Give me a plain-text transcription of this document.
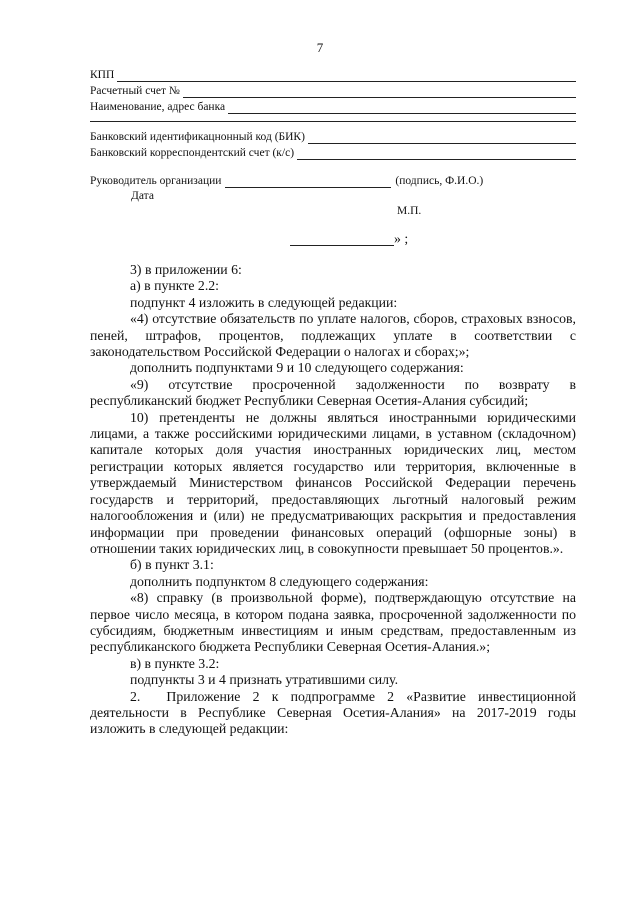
7
КПП
Расчетный счет №
Наименование, адрес банка
Банковский идентификацнонный код (БИК)
Банковский корреспондентский счет (к/с)
Руководитель организации	(подпись, Ф.И.О.)
Дата
М.П.
» ;

3) в приложении 6:

а) в пункте 2.2:

подпункт 4 изложить в следующей редакции:

«4) отсутствие обязательств по уплате налогов, сборов, страховых взносов, пеней, штрафов, процентов, подлежащих уплате в соответствии с законодательством Российской Федерации о налогах и сборах;»;

дополнить подпунктами 9 и 10 следующего содержания:

«9) отсутствие просроченной задолженности по возврату в республиканский бюджет Республики Северная Осетия-Алания субсидий;

10) претенденты не должны являться иностранными юридическими лицами, а также российскими юридическими лицами, в уставном (складочном) капитале которых доля участия иностранных юридических лиц, местом регистрации которых является государство или территория, включенные в утверждаемый Министерством финансов Российской Федерации перечень государств и территорий, предоставляющих льготный налоговый режим налогообложения и (или) не предусматривающих раскрытия и предоставления информации при проведении финансовых операций (офшорные зоны) в отношении таких юридических лиц, в совокупности превышает 50 процентов.».

б) в пункт 3.1:

дополнить подпунктом 8 следующего содержания:

«8) справку (в произвольной форме), подтверждающую отсутствие на первое число месяца, в котором подана заявка, просроченной задолженности по субсидиям, бюджетным инвестициям и иным средствам, предоставленным из республиканского бюджета Республики Северная Осетия-Алания.»;

в) в пункте 3.2:

подпункты 3 и 4 признать утратившими силу.

2.  Приложение 2 к подпрограмме 2 «Развитие инвестиционной деятельности в Республике Северная Осетия-Алания» на 2017-2019 годы изложить в следующей редакции:
